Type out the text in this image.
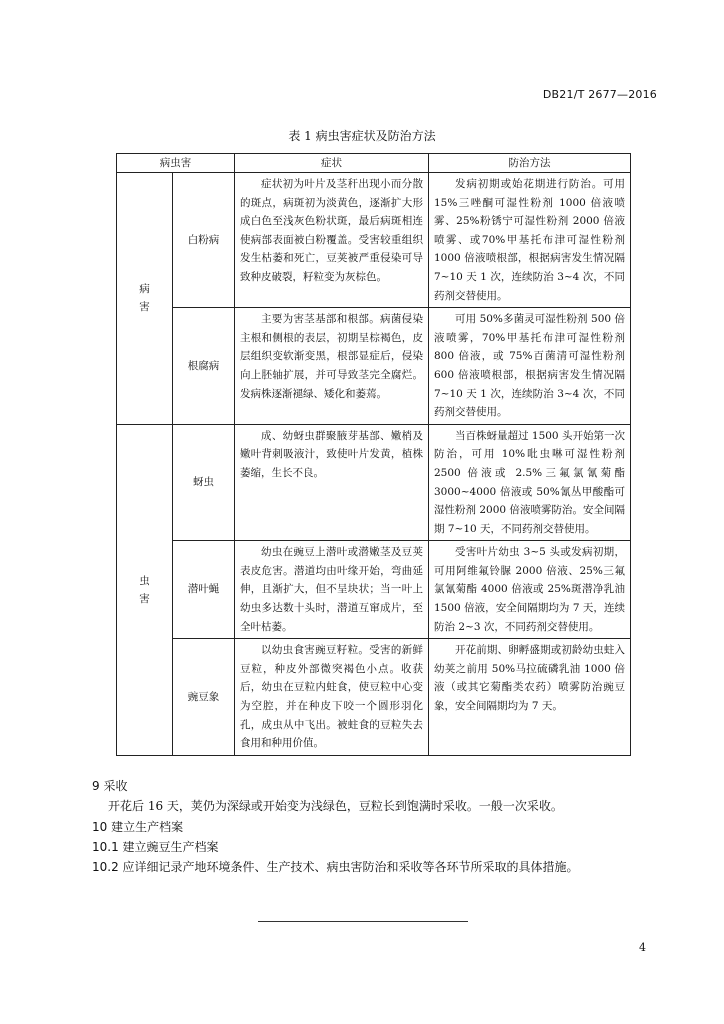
DB21/T 2677—2016
表 1 病虫害症状及防治方法
病虫害		症状	防治方法

病
害	白粉病	症状初为叶片及茎秆出现小而分散的斑点，病斑初为淡黄色，逐渐扩大形成白色至浅灰色粉状斑，最后病斑相连使病部表面被白粉覆盖。受害较重组织发生枯萎和死亡，豆荚被严重侵染可导致种皮破裂，籽粒变为灰棕色。	发病初期或始花期进行防治。可用 15%三唑酮可湿性粉剂 1000 倍液喷雾、25%粉锈宁可湿性粉剂 2000 倍液喷雾、或70%甲基托布津可湿性粉剂 1000 倍液喷根部，根据病害发生情况隔 7~10 天 1 次，连续防治 3~4 次，不同药剂交替使用。
	根腐病	主要为害茎基部和根部。病菌侵染主根和侧根的表层，初期呈棕褐色，皮层组织变软渐变黑，根部显症后，侵染向上胚轴扩展，并可导致茎完全腐烂。发病株逐渐褪绿、矮化和萎蔫。	可用 50%多菌灵可湿性粉剂 500 倍液喷雾，70%甲基托布津可湿性粉剂 800 倍液，或 75%百菌清可湿性粉剂 600 倍液喷根部，根据病害发生情况隔 7~10 天 1 次，连续防治 3~4 次，不同药剂交替使用。

虫
害	蚜虫	成、幼蚜虫群聚腋芽基部、嫩梢及嫩叶背刺吸液汁，致使叶片发黄，植株萎缩，生长不良。	当百株蚜量超过 1500 头开始第一次防治，可用 10%吡虫啉可湿性粉剂 2500 倍液或 2.5%三氟氯氰菊酯 3000~4000 倍液或 50%氰丛甲酸酯可湿性粉剂 2000 倍液喷雾防治。安全间隔期 7~10 天，不同药剂交替使用。
	潜叶蝇	幼虫在豌豆上潜叶或潜嫩茎及豆荚表皮危害。潜道均由叶缘开始，弯曲延伸，且渐扩大，但不呈块状；当一叶上幼虫多达数十头时，潜道互窜成片，至全叶枯萎。	受害叶片幼虫 3~5 头或发病初期，可用阿维氟铃脲 2000 倍液、25%三氟氯氰菊酯 4000 倍液或 25%斑潜净乳油 1500 倍液，安全间隔期均为 7 天，连续防治 2~3 次，不同药剂交替使用。
	豌豆象	以幼虫食害豌豆籽粒。受害的新鲜豆粒，种皮外部微突褐色小点。收获后，幼虫在豆粒内蛀食，使豆粒中心变为空腔，并在种皮下咬一个圆形羽化孔，成虫从中飞出。被蛀食的豆粒失去食用和种用价值。	开花前期、卵孵盛期或初龄幼虫蛀入幼荚之前用 50%马拉硫磷乳油 1000 倍液（或其它菊酯类农药）喷雾防治豌豆象，安全间隔期均为 7 天。
9 采收
开花后 16 天，荚仍为深绿或开始变为浅绿色，豆粒长到饱满时采收。一般一次采收。
10 建立生产档案
10.1 建立豌豆生产档案
10.2 应详细记录产地环境条件、生产技术、病虫害防治和采收等各环节所采取的具体措施。
4
